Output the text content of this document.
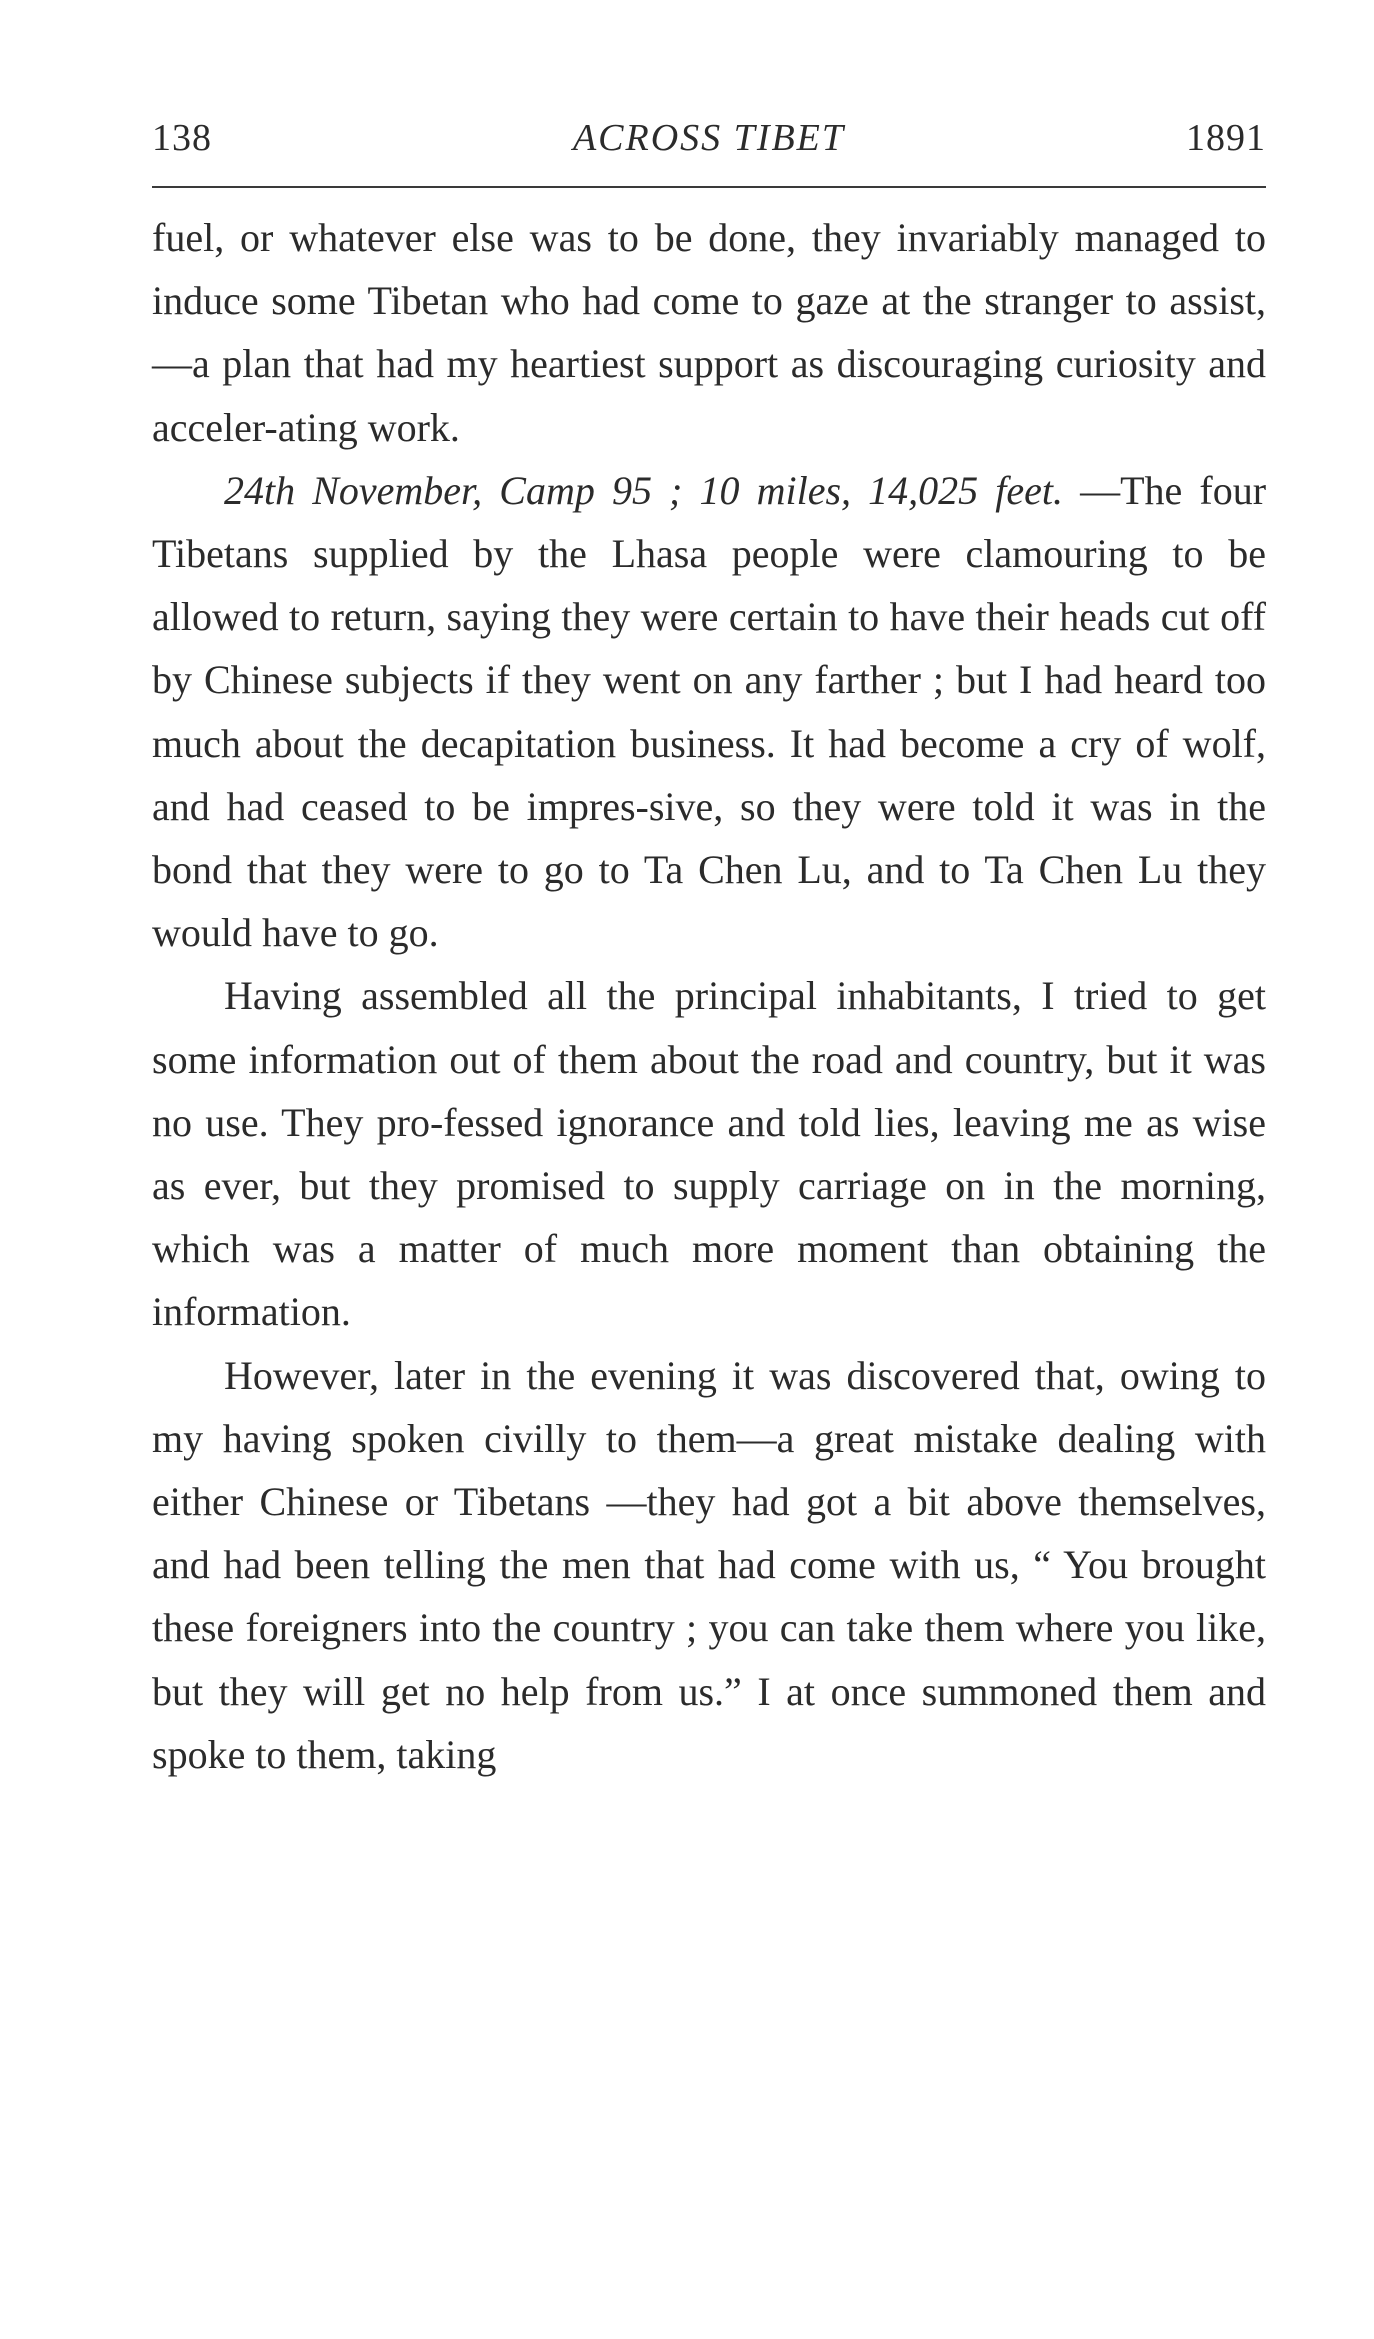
138	ACROSS TIBET	1891

fuel, or whatever else was to be done, they invariably managed to induce some Tibetan who had come to gaze at the stranger to assist,—a plan that had my heartiest support as discouraging curiosity and acceler-ating work.

24th November, Camp 95 ; 10 miles, 14,025 feet. —The four Tibetans supplied by the Lhasa people were clamouring to be allowed to return, saying they were certain to have their heads cut off by Chinese subjects if they went on any farther ; but I had heard too much about the decapitation business. It had become a cry of wolf, and had ceased to be impres-sive, so they were told it was in the bond that they were to go to Ta Chen Lu, and to Ta Chen Lu they would have to go.

Having assembled all the principal inhabitants, I tried to get some information out of them about the road and country, but it was no use. They pro-fessed ignorance and told lies, leaving me as wise as ever, but they promised to supply carriage on in the morning, which was a matter of much more moment than obtaining the information.

However, later in the evening it was discovered that, owing to my having spoken civilly to them—a great mistake dealing with either Chinese or Tibetans —they had got a bit above themselves, and had been telling the men that had come with us, “ You brought these foreigners into the country ; you can take them where you like, but they will get no help from us.” I at once summoned them and spoke to them, taking
